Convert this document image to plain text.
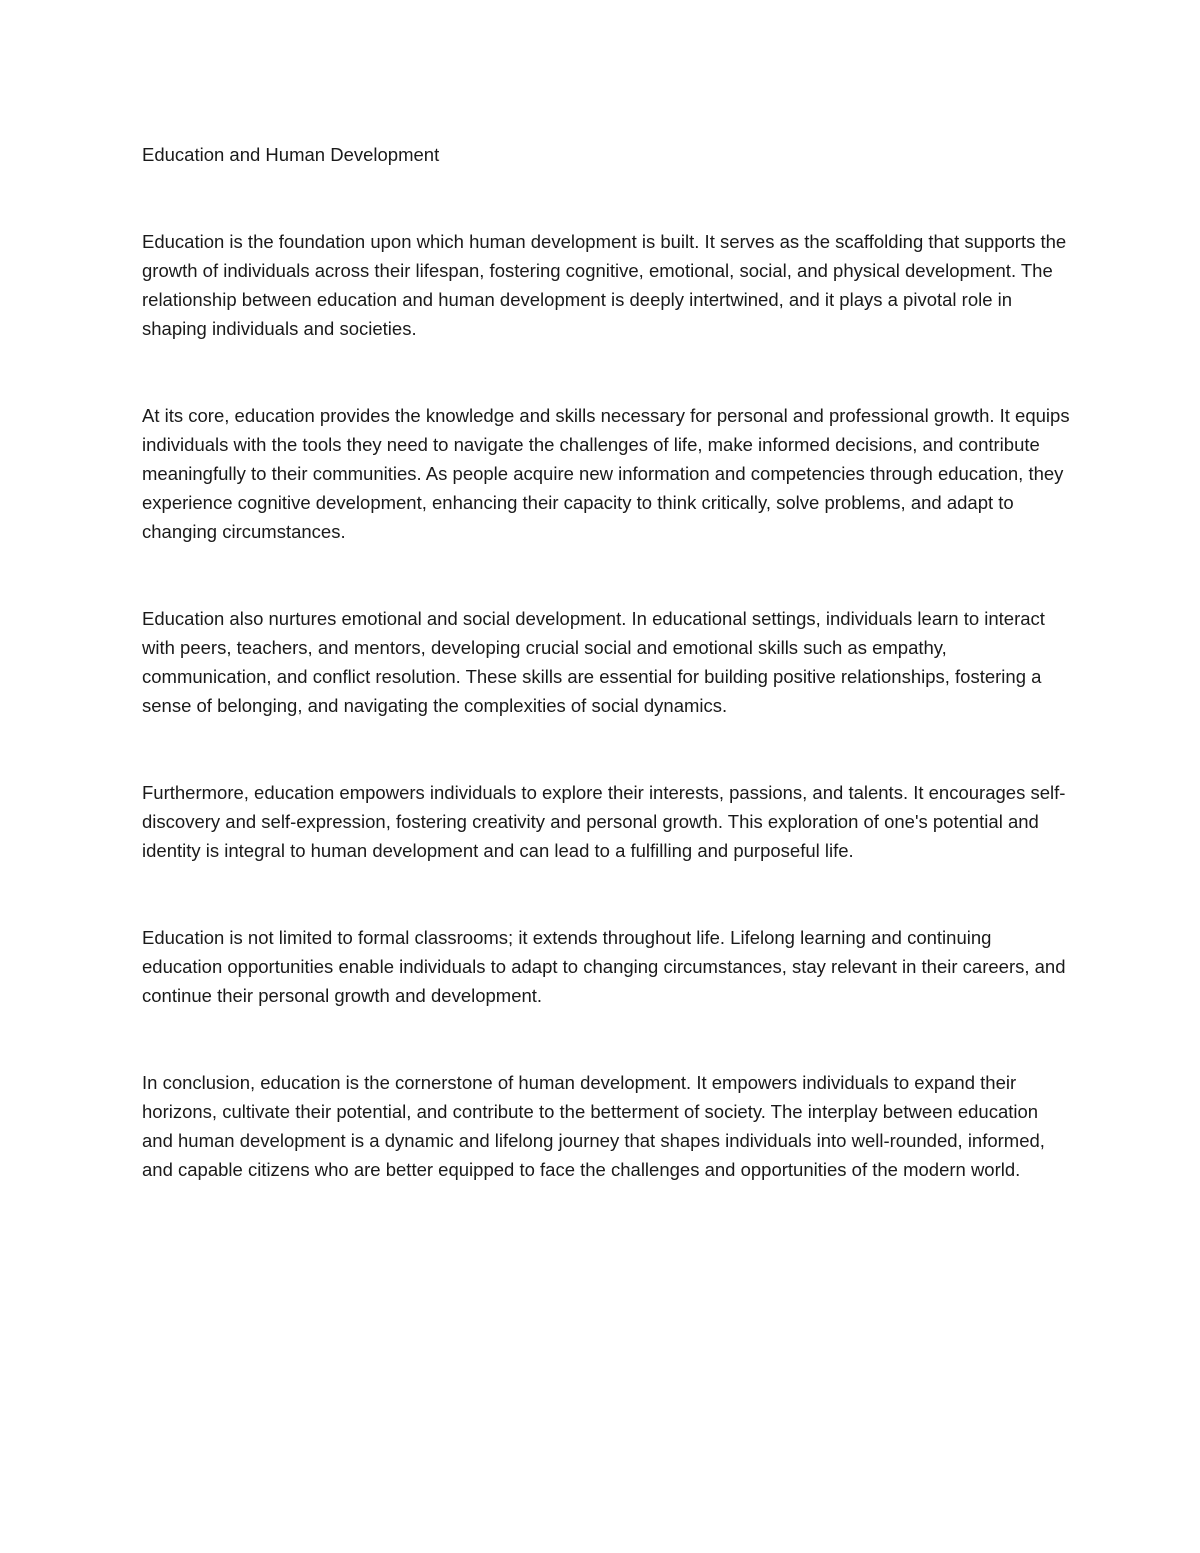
Education and Human Development

Education is the foundation upon which human development is built. It serves as the scaffolding that supports the growth of individuals across their lifespan, fostering cognitive, emotional, social, and physical development. The relationship between education and human development is deeply intertwined, and it plays a pivotal role in shaping individuals and societies.

At its core, education provides the knowledge and skills necessary for personal and professional growth. It equips individuals with the tools they need to navigate the challenges of life, make informed decisions, and contribute meaningfully to their communities. As people acquire new information and competencies through education, they experience cognitive development, enhancing their capacity to think critically, solve problems, and adapt to changing circumstances.

Education also nurtures emotional and social development. In educational settings, individuals learn to interact with peers, teachers, and mentors, developing crucial social and emotional skills such as empathy, communication, and conflict resolution. These skills are essential for building positive relationships, fostering a sense of belonging, and navigating the complexities of social dynamics.

Furthermore, education empowers individuals to explore their interests, passions, and talents. It encourages self-discovery and self-expression, fostering creativity and personal growth. This exploration of one's potential and identity is integral to human development and can lead to a fulfilling and purposeful life.

Education is not limited to formal classrooms; it extends throughout life. Lifelong learning and continuing education opportunities enable individuals to adapt to changing circumstances, stay relevant in their careers, and continue their personal growth and development.

In conclusion, education is the cornerstone of human development. It empowers individuals to expand their horizons, cultivate their potential, and contribute to the betterment of society. The interplay between education and human development is a dynamic and lifelong journey that shapes individuals into well-rounded, informed, and capable citizens who are better equipped to face the challenges and opportunities of the modern world.
